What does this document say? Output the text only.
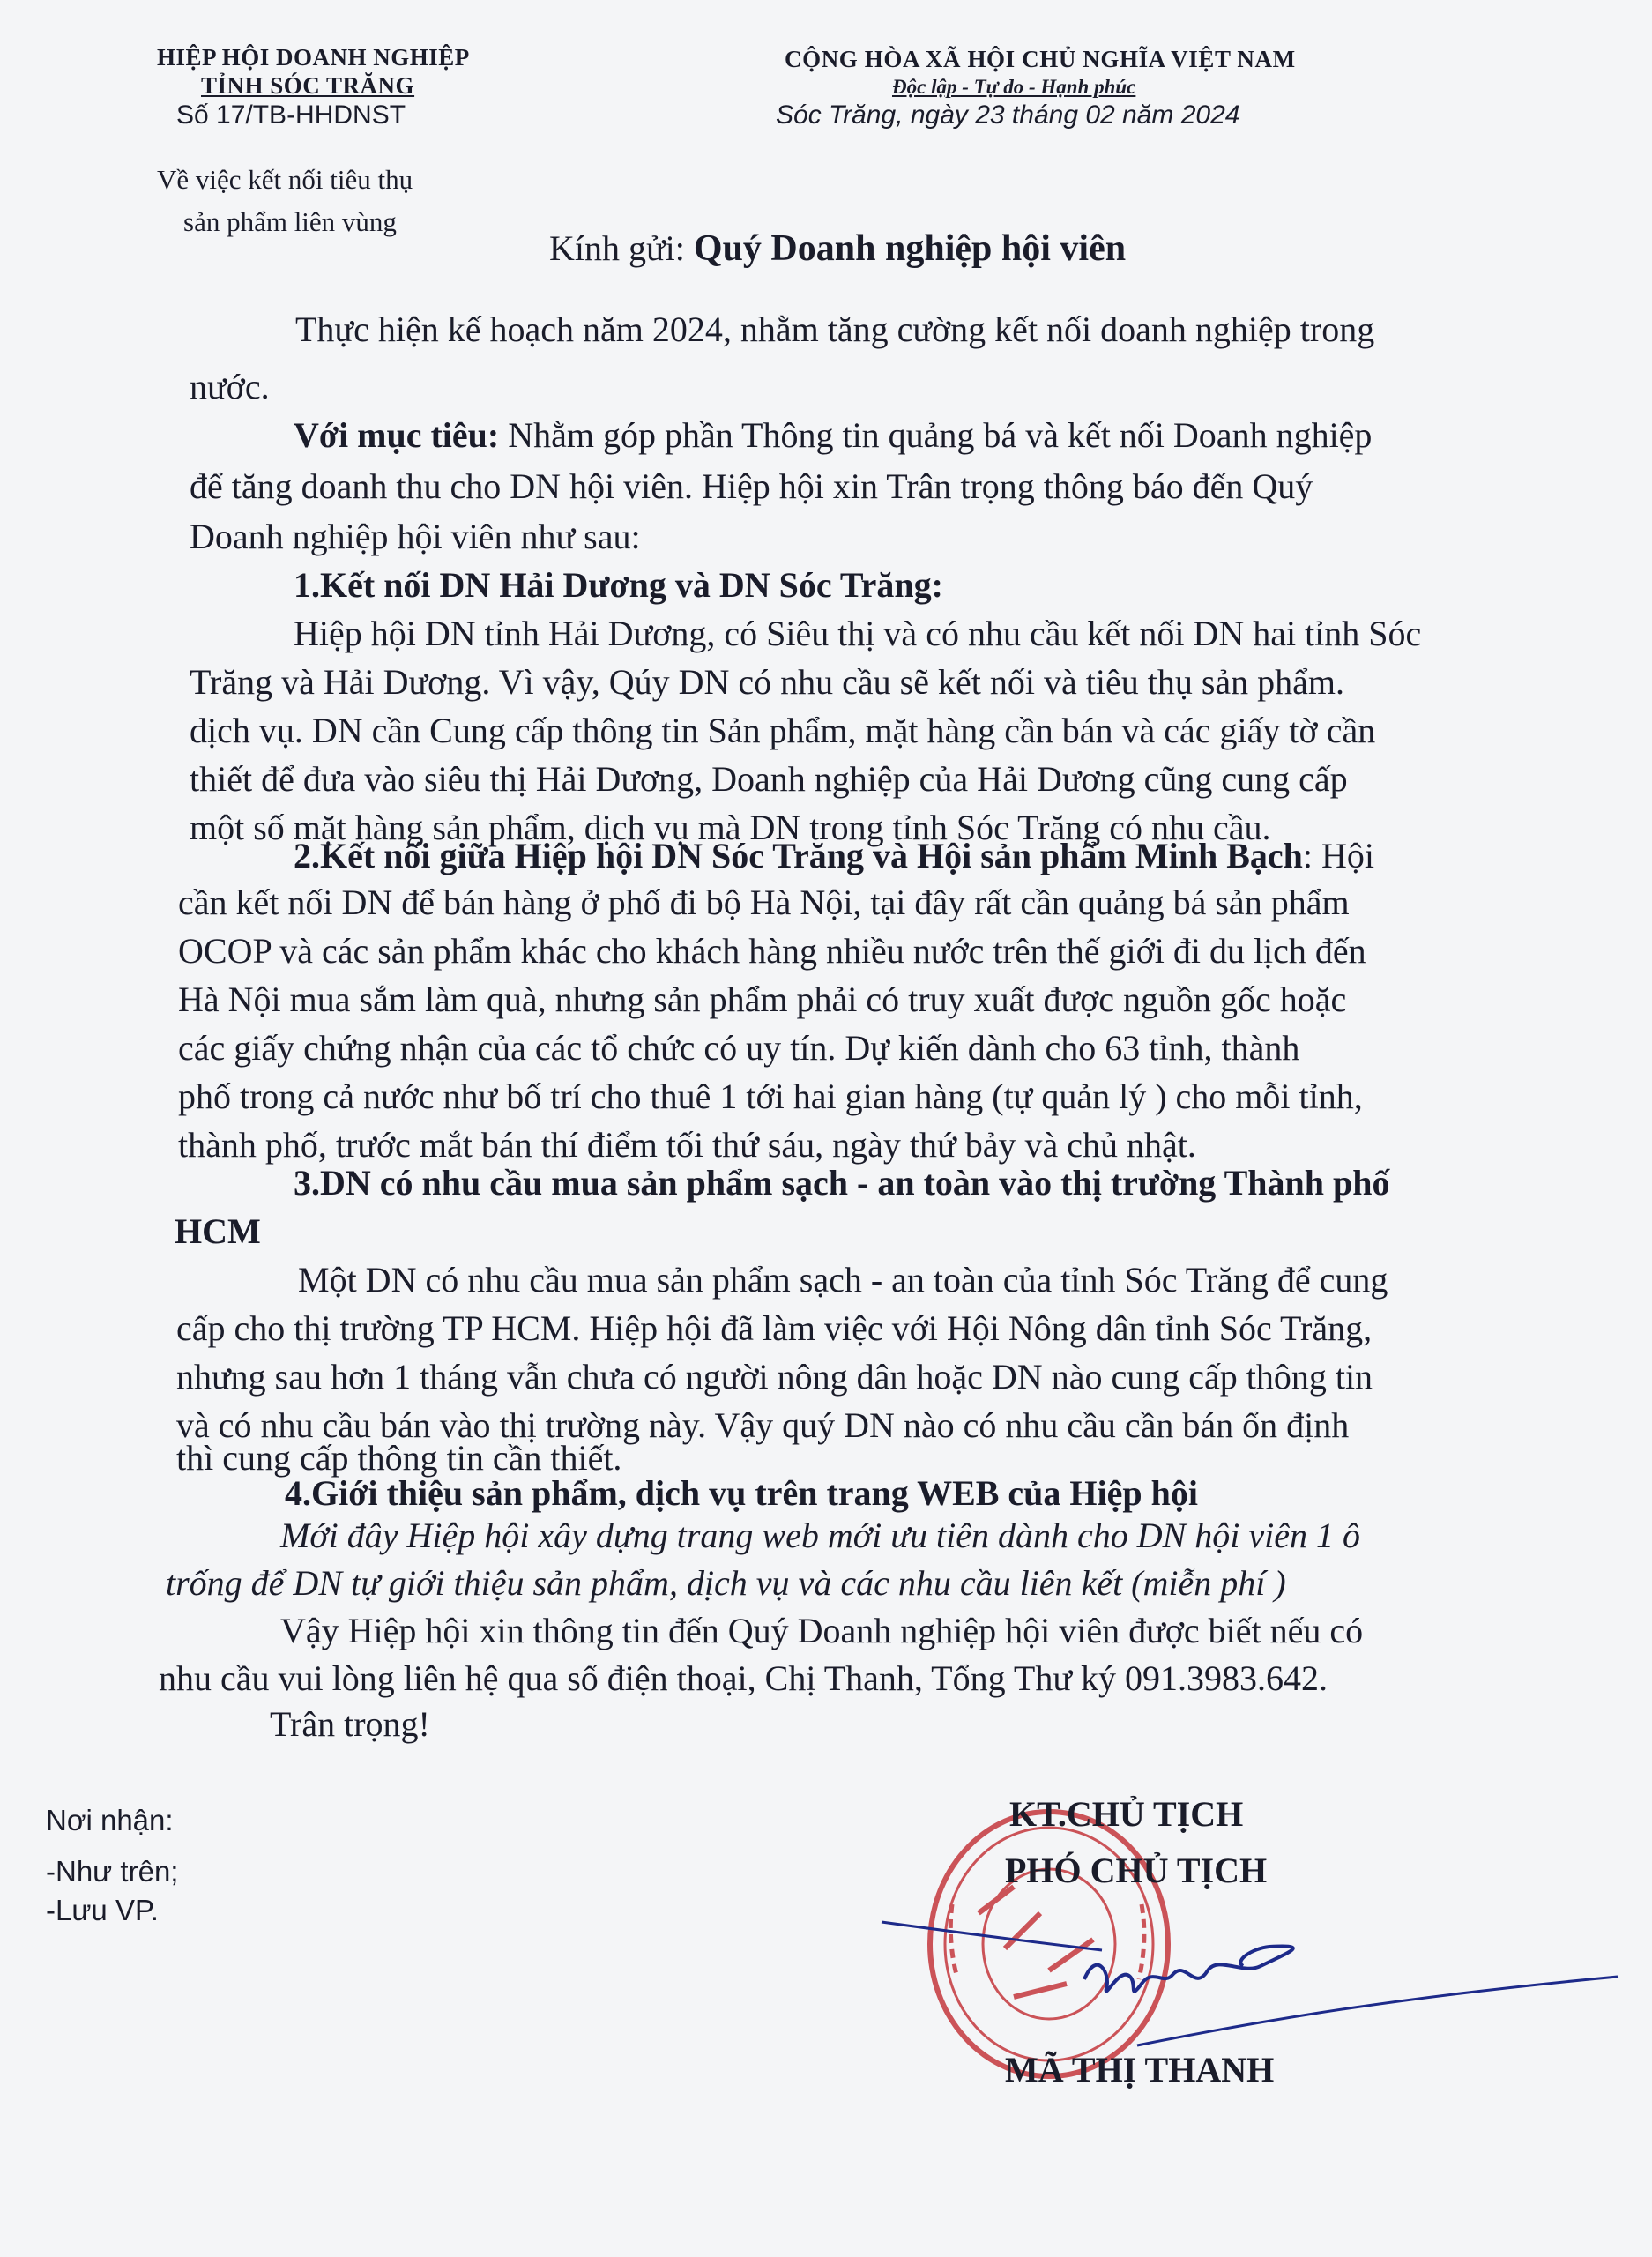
HIỆP HỘI DOANH NGHIỆP
TỈNH SÓC TRĂNG
Số 17/TB-HHDNST
CỘNG HÒA XÃ HỘI CHỦ NGHĨA VIỆT NAM
Độc lập - Tự do - Hạnh phúc
Sóc Trăng, ngày 23 tháng 02 năm 2024
Về việc kết nối tiêu thụ
sản phẩm liên vùng
Kính gửi: Quý Doanh nghiệp hội viên
Thực hiện kế hoạch năm 2024, nhằm tăng cường kết nối doanh nghiệp trong
nước.
Với mục tiêu: Nhằm góp phần Thông tin quảng bá và kết nối Doanh nghiệp
để tăng doanh thu cho DN hội viên. Hiệp hội xin Trân trọng thông báo đến Quý
Doanh nghiệp hội viên như sau:
1.Kết nối DN Hải Dương và DN Sóc Trăng:
Hiệp hội DN tỉnh Hải Dương, có Siêu thị và có nhu cầu kết nối DN hai tỉnh Sóc
Trăng và Hải Dương. Vì vậy, Qúy DN có nhu cầu sẽ kết nối và tiêu thụ sản phẩm.
dịch vụ. DN cần Cung cấp thông tin Sản phẩm, mặt hàng cần bán và các giấy tờ cần
thiết để đưa vào siêu thị Hải Dương, Doanh nghiệp của Hải Dương cũng cung cấp
một số mặt hàng sản phẩm, dịch vụ mà DN trong tỉnh Sóc Trăng có nhu cầu.
2.Kết nối giữa Hiệp hội DN Sóc Trăng và Hội sản phẩm Minh Bạch: Hội
cần kết nối DN để bán hàng ở phố đi bộ Hà Nội, tại đây rất cần quảng bá sản phẩm
OCOP và các sản phẩm khác cho khách hàng nhiều nước trên thế giới đi du lịch đến
Hà Nội mua sắm làm quà, nhưng sản phẩm phải có truy xuất được nguồn gốc hoặc
các giấy chứng nhận của các tổ chức có uy tín. Dự kiến dành cho 63 tỉnh, thành
phố trong cả nước như bố trí cho thuê 1 tới hai gian hàng (tự quản lý ) cho mỗi tỉnh,
thành phố, trước mắt bán thí điểm tối thứ sáu, ngày thứ bảy và chủ nhật.
3.DN có nhu cầu mua sản phẩm sạch - an toàn vào thị trường Thành phố
HCM
Một DN có nhu cầu mua sản phẩm sạch - an toàn của tỉnh Sóc Trăng để cung
cấp cho thị trường TP HCM. Hiệp hội đã làm việc với Hội Nông dân tỉnh Sóc Trăng,
nhưng sau hơn 1 tháng vẫn chưa có người nông dân hoặc DN nào cung cấp thông tin
và có nhu cầu bán vào thị trường này. Vậy quý DN nào có nhu cầu cần bán ổn định
thì cung cấp thông tin cần thiết.
4.Giới thiệu sản phẩm, dịch vụ trên trang WEB của Hiệp hội
Mới đây Hiệp hội xây dựng trang web mới ưu tiên dành cho DN hội viên 1 ô
trống để DN tự giới thiệu sản phẩm, dịch vụ và các nhu cầu liên kết (miễn phí )
Vậy Hiệp hội xin thông tin đến Quý Doanh nghiệp hội viên được biết nếu có
nhu cầu vui lòng liên hệ qua số điện thoại, Chị Thanh, Tổng Thư ký 091.3983.642.
Trân trọng!
Nơi nhận:
-Như trên;
-Lưu VP.
KT.CHỦ TỊCH
PHÓ CHỦ TỊCH
MÃ THỊ THANH
